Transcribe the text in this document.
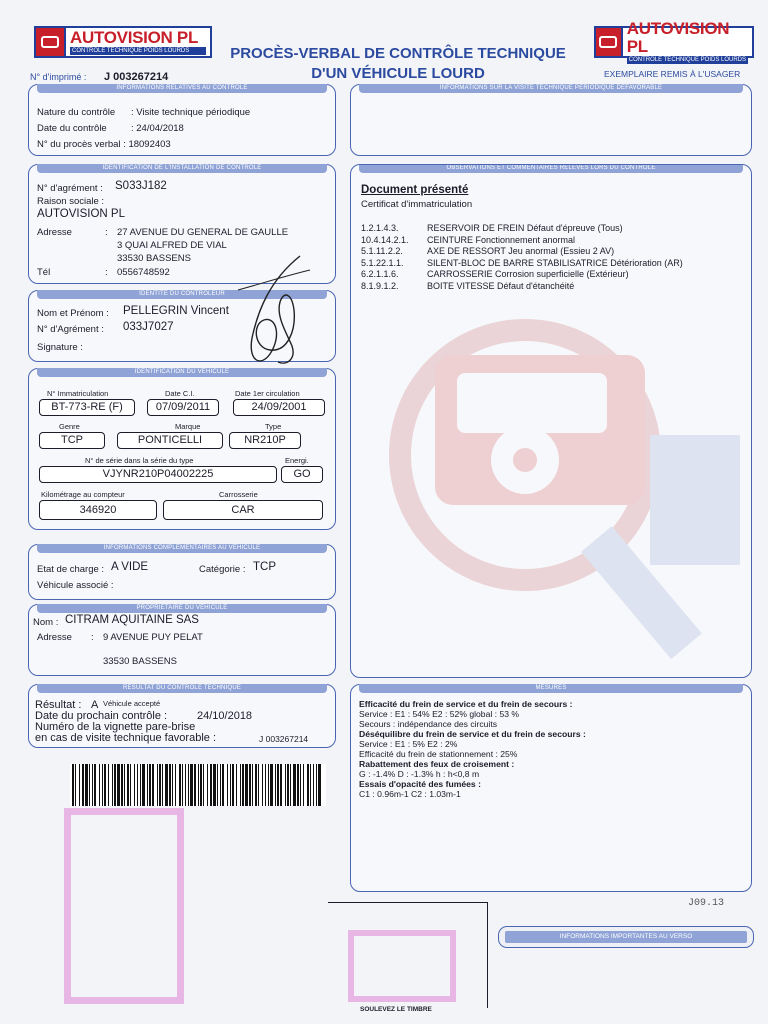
AUTOVISION PL
CONTROLE TECHNIQUE POIDS LOURDS
AUTOVISION PL
CONTROLE TECHNIQUE POIDS LOURDS
PROCÈS-VERBAL DE CONTRÔLE TECHNIQUE
D'UN VÉHICULE LOURD
N° d'imprimé : J 003267214	EXEMPLAIRE REMIS À L'USAGER
INFORMATIONS RELATIVES AU CONTROLE
Nature du contrôle : Visite technique périodique
Date du contrôle	: 24/04/2018
N° du procès verbal : 18092403
IDENTIFICATION DE L'INSTALLATION DE CONTROLE
N° d'agrément : S033J182
Raison sociale :
AUTOVISION PL
Adresse	: 27 AVENUE DU GENERAL DE GAULLE
3 QUAI ALFRED DE VIAL
33530 BASSENS
Tél	: 0556748592
IDENTITE DU CONTROLEUR
Nom et Prénom : PELLEGRIN Vincent
N° d'Agrément : 033J7027
Signature :
IDENTIFICATION DU VEHICULE
N° Immatriculation	Date C.I.	Date 1er circulation
BT-773-RE (F)	07/09/2011	24/09/2001
Genre	Marque	Type
TCP	PONTICELLI	NR210P
N° de série dans la série du type	Energi.
VJYNR210P04002225	GO
Kilométrage au compteur	Carrosserie
346920	CAR
INFORMATIONS COMPLEMENTAIRES AU VEHICULE
Etat de charge : A VIDE	Catégorie : TCP
Véhicule associé :
PROPRIETAIRE DU VEHICULE
Nom : CITRAM AQUITAINE SAS
Adresse : 9 AVENUE PUY PELAT
33530 BASSENS
RESULTAT DU CONTROLE TECHNIQUE
Résultat : A Véhicule accepté
Date du prochain contrôle :	24/10/2018
Numéro de la vignette pare-brise
en cas de visite technique favorable :	J 003267214
INFORMATIONS SUR LA VISITE TECHNIQUE PERIODIQUE DEFAVORABLE
OBSERVATIONS ET COMMENTAIRES RELEVES LORS DU CONTROLE
Document présenté
Certificat d'immatriculation
1.2.1.4.3.	RESERVOIR DE FREIN Défaut d'épreuve (Tous)
10.4.14.2.1. CEINTURE Fonctionnement anormal
5.1.11.2.2.	AXE DE RESSORT Jeu anormal (Essieu 2 AV)
5.1.22.1.1.	SILENT-BLOC DE BARRE STABILISATRICE Détérioration (AR)
6.2.1.1.6.	CARROSSERIE Corrosion superficielle (Extérieur)
8.1.9.1.2.	BOITE VITESSE Défaut d'étanchéité
MESURES
Efficacité du frein de service et du frein de secours :
Service : E1 : 54% E2 : 52% global : 53 %
Secours : indépendance des circuits
Déséquilibre du frein de service et du frein de secours :
Service : E1 : 5% E2 : 2%
Efficacité du frein de stationnement : 25%
Rabattement des feux de croisement :
G : -1.4% D : -1.3% h : h<0,8 m
Essais d'opacité des fumées :
C1 : 0.96m-1 C2 : 1.03m-1
J09.13
INFORMATIONS IMPORTANTES AU VERSO
SOULEVEZ LE TIMBRE
